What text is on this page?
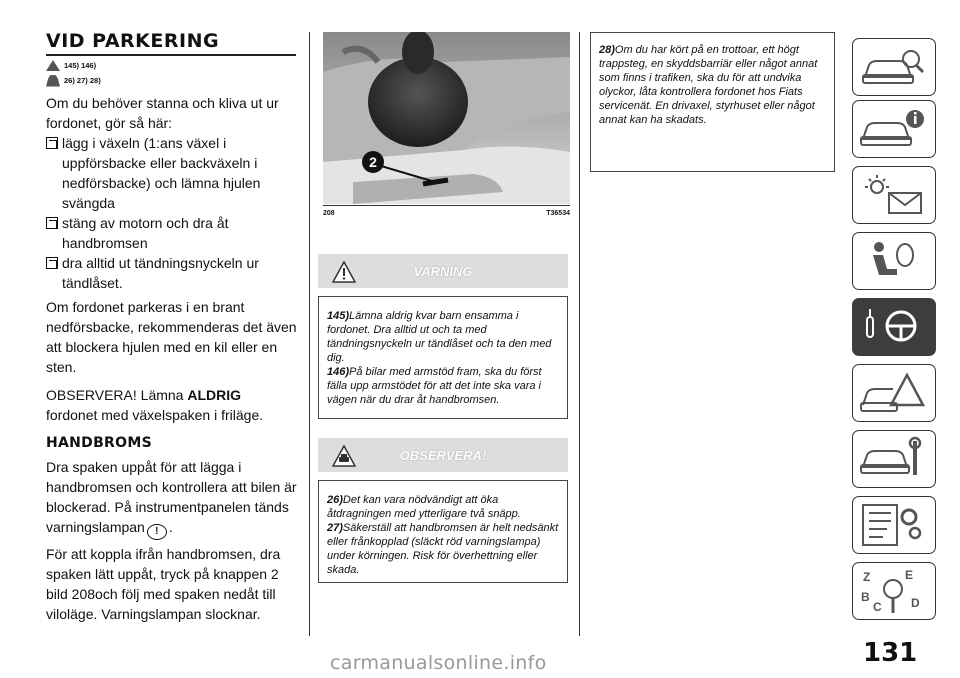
VID PARKERING
145) 146)
26) 27) 28)

Om du behöver stanna och kliva ut ur fordonet, gör så här:

lägg i växeln (1:ans växel i uppförsbacke eller backväxeln i nedförsbacke) och lämna hjulen svängda
stäng av motorn och dra åt handbromsen
dra alltid ut tändningsnyckeln ur tändlåset.

Om fordonet parkeras i en brant nedförsbacke, rekommenderas det även att blockera hjulen med en kil eller en sten.

OBSERVERA! Lämna ALDRIG
fordonet med växelspaken i friläge.

HANDBROMS

Dra spaken uppåt för att lägga i handbromsen och kontrollera att bilen är blockerad. På instrumentpanelen tänds varningslampan ! .

För att koppla ifrån handbromsen, dra spaken lätt uppåt, tryck på knappen 2 bild 208och följ med spaken nedåt till viloläge. Varningslampan slocknar.

2
208	T36534
VARNING

145)Lämna aldrig kvar barn ensamma i fordonet. Dra alltid ut och ta med tändningsnyckeln ur tändlåset och ta den med dig.

146)På bilar med armstöd fram, ska du först fälla upp armstödet för att det inte ska vara i vägen när du drar åt handbromsen.

OBSERVERA!

26)Det kan vara nödvändigt att öka åtdragningen med ytterligare två snäpp.

27)Säkerställ att handbromsen är helt nedsänkt eller frånkopplad (släckt röd varningslampa) under körningen. Risk för överhettning eller skada.

28)Om du har kört på en trottoar, ett högt trappsteg, en skyddsbarriär eller något annat som finns i trafiken, ska du för att undvika olyckor, låta kontrollera fordonet hos Fiats servicenät. En drivaxel, styrhuset eller något annat kan ha skadats.

Z	E
B	D
C
131
carmanualsonline.info
